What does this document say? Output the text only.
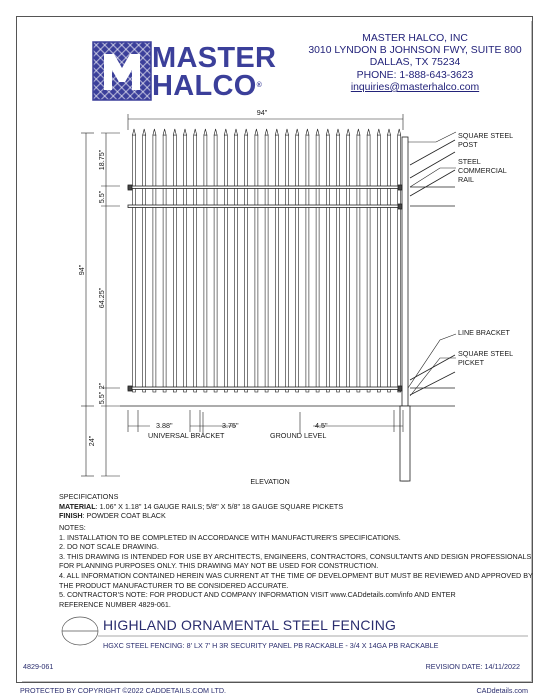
MASTER
HALCO®
MASTER HALCO, INC
3010 LYNDON B JOHNSON FWY, SUITE 800
DALLAS, TX 75234
PHONE: 1-888-643-3623
inquiries@masterhalco.com
94"
18.75"
5.5"
94"
64.25"
2"
5.5"
24"
3.88"	3.75"	4.5"
UNIVERSAL BRACKET	GROUND LEVEL
SQUARE STEEL
POST
STEEL
COMMERCIAL
RAIL
LINE BRACKET
SQUARE STEEL
PICKET
ELEVATION
SPECIFICATIONS
MATERIAL: 1.06" X 1.18" 14 GAUGE RAILS; 5/8" X 5/8" 18 GAUGE SQUARE PICKETS
FINISH: POWDER COAT BLACK
NOTES:
1. INSTALLATION TO BE COMPLETED IN ACCORDANCE WITH MANUFACTURER'S SPECIFICATIONS.
2. DO NOT SCALE DRAWING.
3. THIS DRAWING IS INTENDED FOR USE BY ARCHITECTS, ENGINEERS, CONTRACTORS, CONSULTANTS AND DESIGN PROFESSIONALS
FOR PLANNING PURPOSES ONLY. THIS DRAWING MAY NOT BE USED FOR CONSTRUCTION.
4. ALL INFORMATION CONTAINED HEREIN WAS CURRENT AT THE TIME OF DEVELOPMENT BUT MUST BE REVIEWED AND APPROVED BY
THE PRODUCT MANUFACTURER TO BE CONSIDERED ACCURATE.
5. CONTRACTOR'S NOTE: FOR PRODUCT AND COMPANY INFORMATION VISIT www.CADdetails.com/info AND ENTER
REFERENCE NUMBER 4829-061.
HIGHLAND ORNAMENTAL STEEL FENCING
HGXC STEEL FENCING: 8' LX 7' H 3R SECURITY PANEL PB RACKABLE - 3/4 X 14GA PB RACKABLE
4829-061	REVISION DATE: 14/11/2022
PROTECTED BY COPYRIGHT ©2022 CADDETAILS.COM LTD.	CADdetails.com
